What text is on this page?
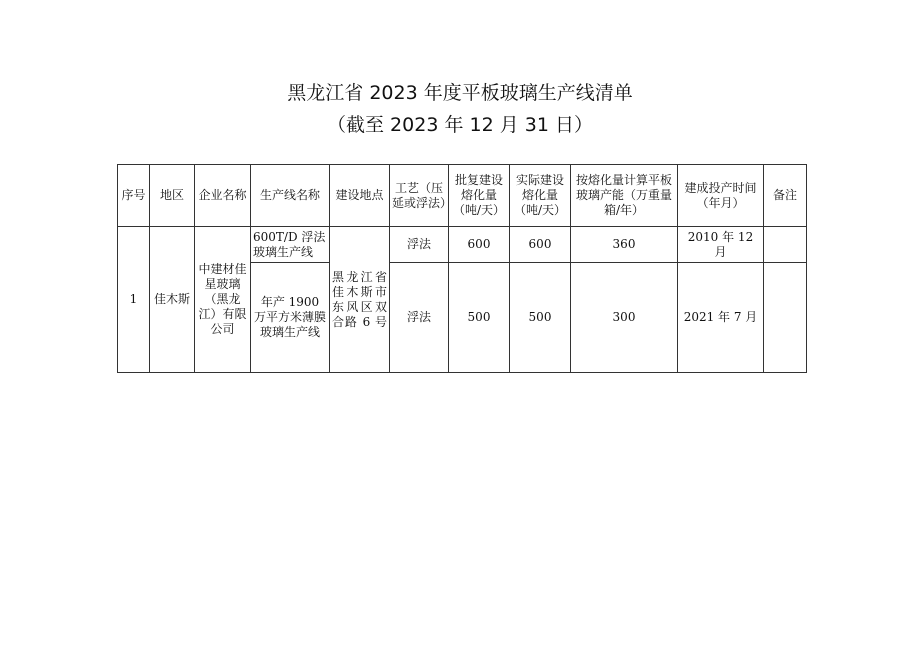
黑龙江省 2023 年度平板玻璃生产线清单
（截至 2023 年 12 月 31 日）
序号	地区	企业名称	生产线名称	建设地点	工艺（压延或浮法）	批复建设熔化量（吨/天）	实际建设熔化量（吨/天）	按熔化量计算平板玻璃产能（万重量箱/年）	建成投产时间（年月）	备注
1	佳木斯	中建材佳星玻璃（黑龙江）有限公司	600T/D 浮法玻璃生产线	黑龙江省佳木斯市东风区双合路 6 号	浮法	600	600	360	2010 年 12 月	
			年产 1900 万平方米薄膜玻璃生产线		浮法	500	500	300	2021 年 7 月	
